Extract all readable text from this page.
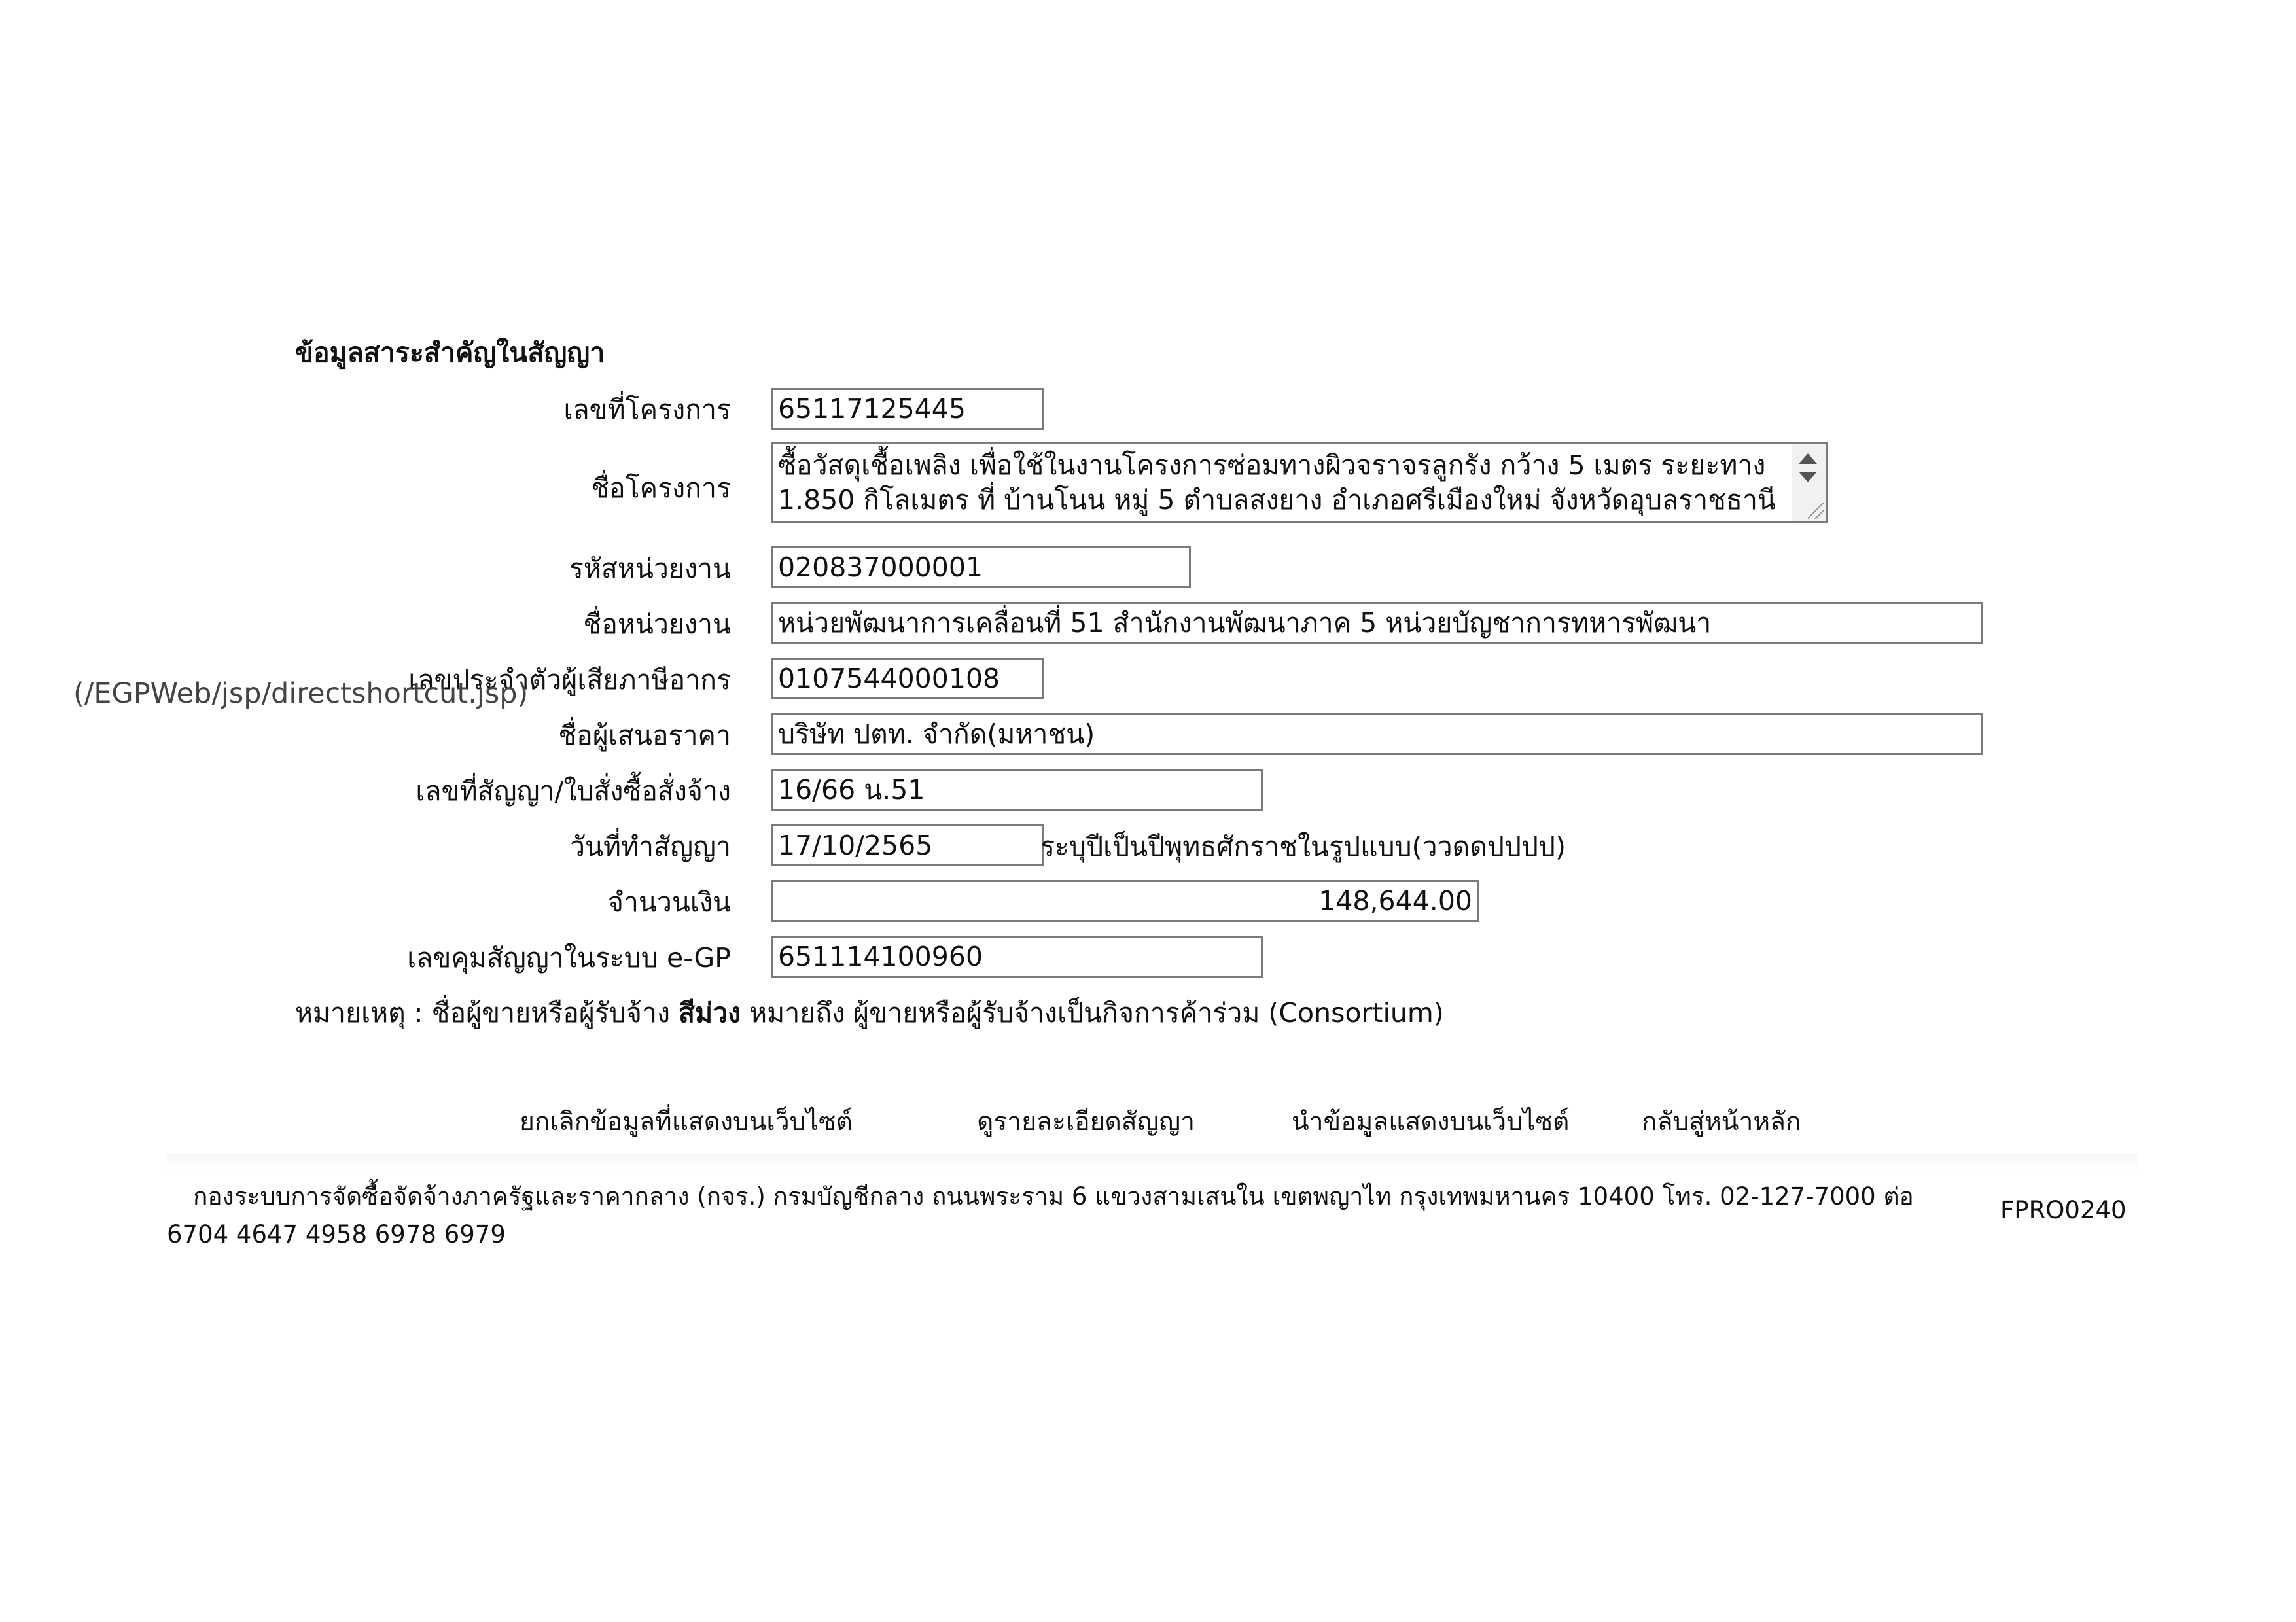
ข้อมูลสาระสำคัญในสัญญา
เลขที่โครงการ 65117125445
ชื่อโครงการ
ซื้อวัสดุเชื้อเพลิง เพื่อใช้ในงานโครงการซ่อมทางผิวจราจรลูกรัง กว้าง 5 เมตร ระยะทาง 1.850 กิโลเมตร ที่ บ้านโนน หมู่ 5 ตำบลสงยาง อำเภอศรีเมืองใหม่ จังหวัดอุบลราชธานี
รหัสหน่วยงาน 020837000001
ชื่อหน่วยงาน หน่วยพัฒนาการเคลื่อนที่ 51 สำนักงานพัฒนาภาค 5 หน่วยบัญชาการทหารพัฒนา
เลขประจำตัวผู้เสียภาษีอากร 0107544000108
(/EGPWeb/jsp/directshortcut.jsp)
ชื่อผู้เสนอราคา บริษัท ปตท. จำกัด(มหาชน)
เลขที่สัญญา/ใบสั่งซื้อสั่งจ้าง 16/66 น.51
วันที่ทำสัญญา 17/10/2565	ระบุปีเป็นปีพุทธศักราชในรูปแบบ(ววดดปปปป)
จำนวนเงิน	148,644.00
เลขคุมสัญญาในระบบ e-GP 651114100960
หมายเหตุ : ชื่อผู้ขายหรือผู้รับจ้าง สีม่วง หมายถึง ผู้ขายหรือผู้รับจ้างเป็นกิจการค้าร่วม (Consortium)
ยกเลิกข้อมูลที่แสดงบนเว็บไซต์	ดูรายละเอียดสัญญา	นำข้อมูลแสดงบนเว็บไซต์	กลับสู่หน้าหลัก
กองระบบการจัดซื้อจัดจ้างภาครัฐและราคากลาง (กจร.) กรมบัญชีกลาง ถนนพระราม 6 แขวงสามเสนใน เขตพญาไท กรุงเทพมหานคร 10400 โทร. 02-127-7000 ต่อ 6704 4647 4958 6978 6979
FPRO0240
